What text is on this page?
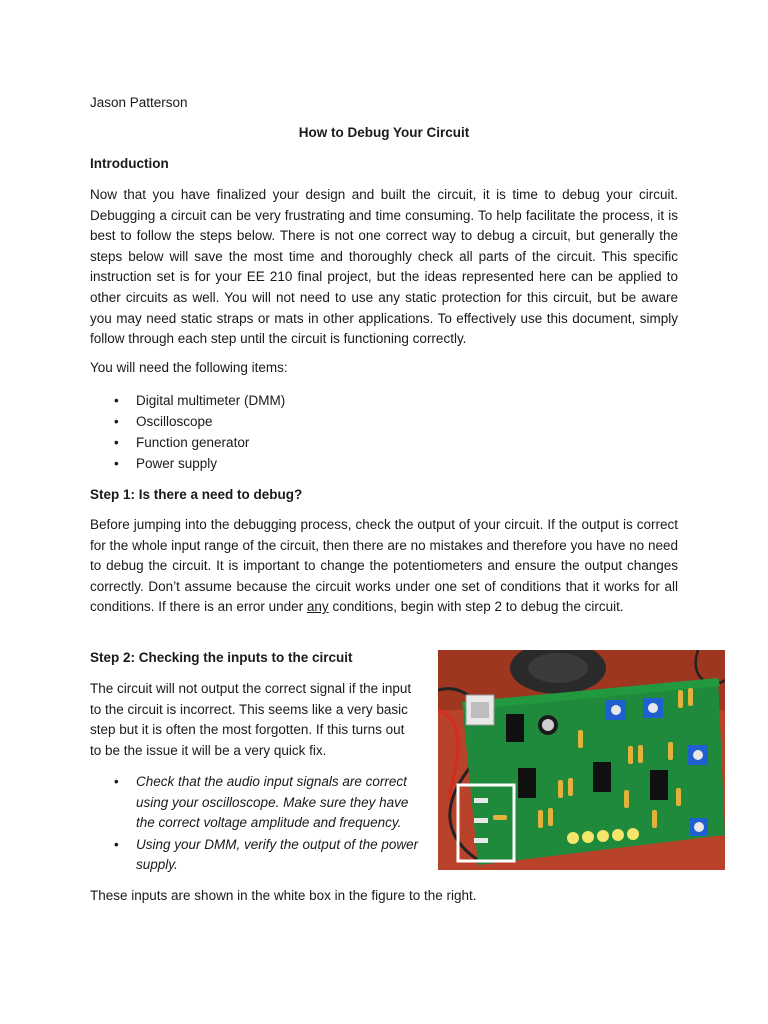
Jason Patterson
How to Debug Your Circuit
Introduction

Now that you have finalized your design and built the circuit, it is time to debug your circuit. Debugging a circuit can be very frustrating and time consuming. To help facilitate the process, it is best to follow the steps below. There is not one correct way to debug a circuit, but generally the steps below will save the most time and thoroughly check all parts of the circuit. This specific instruction set is for your EE 210 final project, but the ideas represented here can be applied to other circuits as well. You will not need to use any static protection for this circuit, but be aware you may need static straps or mats in other applications. To effectively use this document, simply follow through each step until the circuit is functioning correctly.

You will need the following items:

• Digital multimeter (DMM)
• Oscilloscope
• Function generator
• Power supply
Step 1: Is there a need to debug?

Before jumping into the debugging process, check the output of your circuit. If the output is correct for the whole input range of the circuit, then there are no mistakes and therefore you have no need to debug the circuit. It is important to change the potentiometers and ensure the output changes correctly. Don’t assume because the circuit works under one set of conditions that it works for all conditions. If there is an error under any conditions, begin with step 2 to debug the circuit.

Step 2: Checking the inputs to the circuit

The circuit will not output the correct signal if the input to the circuit is incorrect. This seems like a very basic step but it is often the most forgotten. If this turns out to be the issue it will be a very quick fix.

• Check that the audio input signals are correct using your oscilloscope. Make sure they have the correct voltage amplitude and frequency.
• Using your DMM, verify the output of the power supply.

These inputs are shown in the white box in the figure to the right.
